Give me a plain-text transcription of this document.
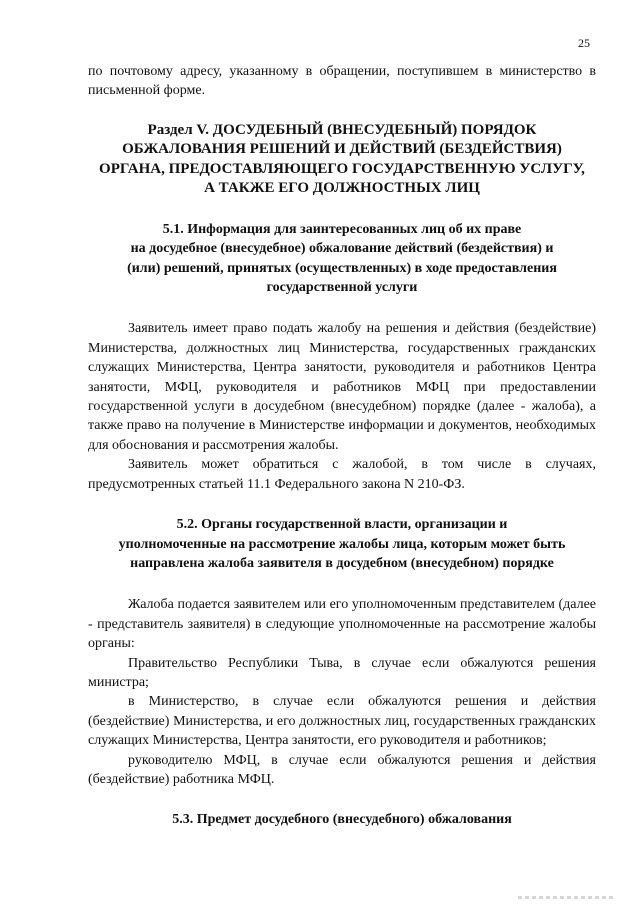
25

по почтовому адресу, указанному в обращении, поступившем в министерство в письменной форме.

Раздел V. ДОСУДЕБНЫЙ (ВНЕСУДЕБНЫЙ) ПОРЯДОК
ОБЖАЛОВАНИЯ РЕШЕНИЙ И ДЕЙСТВИЙ (БЕЗДЕЙСТВИЯ)
ОРГАНА, ПРЕДОСТАВЛЯЮЩЕГО ГОСУДАРСТВЕННУЮ УСЛУГУ,
А ТАКЖЕ ЕГО ДОЛЖНОСТНЫХ ЛИЦ
5.1. Информация для заинтересованных лиц об их праве
на досудебное (внесудебное) обжалование действий (бездействия) и
(или) решений, принятых (осуществленных) в ходе предоставления
государственной услуги

Заявитель имеет право подать жалобу на решения и действия (бездействие) Министерства, должностных лиц Министерства, государственных гражданских служащих Министерства, Центра занятости, руководителя и работников Центра занятости, МФЦ, руководителя и работников МФЦ при предоставлении государственной услуги в досудебном (внесудебном) порядке (далее - жалоба), а также право на получение в Министерстве информации и документов, необходимых для обоснования и рассмотрения жалобы.

Заявитель может обратиться с жалобой, в том числе в случаях, предусмотренных статьей 11.1 Федерального закона N 210-ФЗ.

5.2. Органы государственной власти, организации и
уполномоченные на рассмотрение жалобы лица, которым может быть
направлена жалоба заявителя в досудебном (внесудебном) порядке

Жалоба подается заявителем или его уполномоченным представителем (далее - представитель заявителя) в следующие уполномоченные на рассмотрение жалобы органы:

Правительство Республики Тыва, в случае если обжалуются решения министра;

в Министерство, в случае если обжалуются решения и действия (бездействие) Министерства, и его должностных лиц, государственных гражданских служащих Министерства, Центра занятости, его руководителя и работников;

руководителю МФЦ, в случае если обжалуются решения и действия (бездействие) работника МФЦ.

5.3. Предмет досудебного (внесудебного) обжалования
